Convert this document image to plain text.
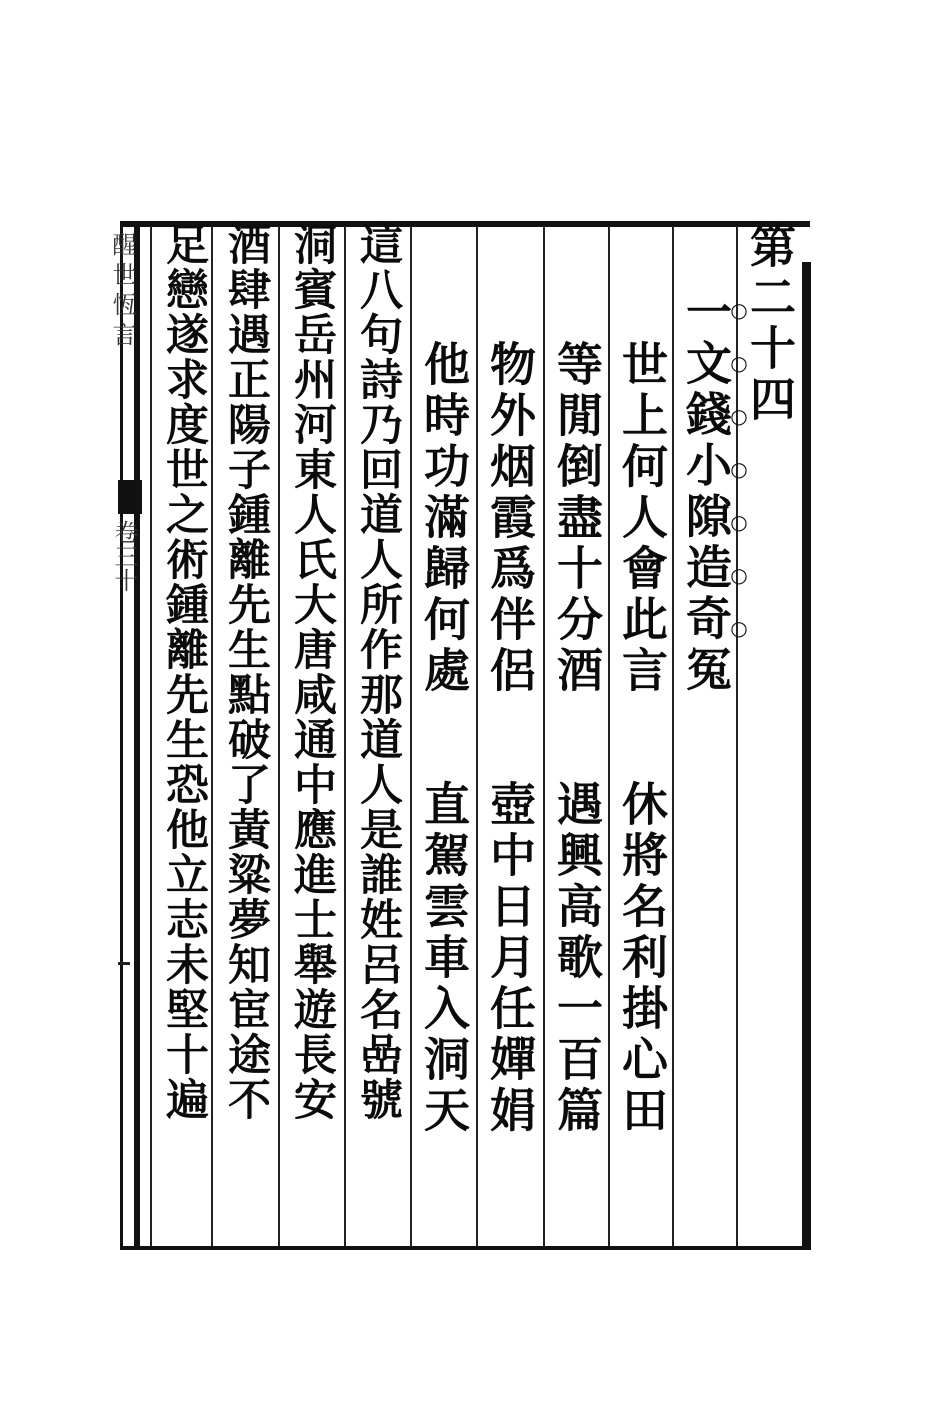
醒世恆言
卷三十
第二十四
一文錢小隙造奇冤
○○○○○○○
世上何人會此言
等閒倒盡十分酒
物外烟霞爲伴侶
他時功滿歸何處
休將名利掛心田
遇興高歌一百篇
壺中日月任嬋娟
直駕雲車入洞天
這八句詩乃回道人所作那道人是誰姓呂名嵒號
洞賓岳州河東人氏大唐咸通中應進士舉遊長安
酒肆遇正陽子鍾離先生點破了黃粱夢知宦途不
足戀遂求度世之術鍾離先生恐他立志未堅十遍
